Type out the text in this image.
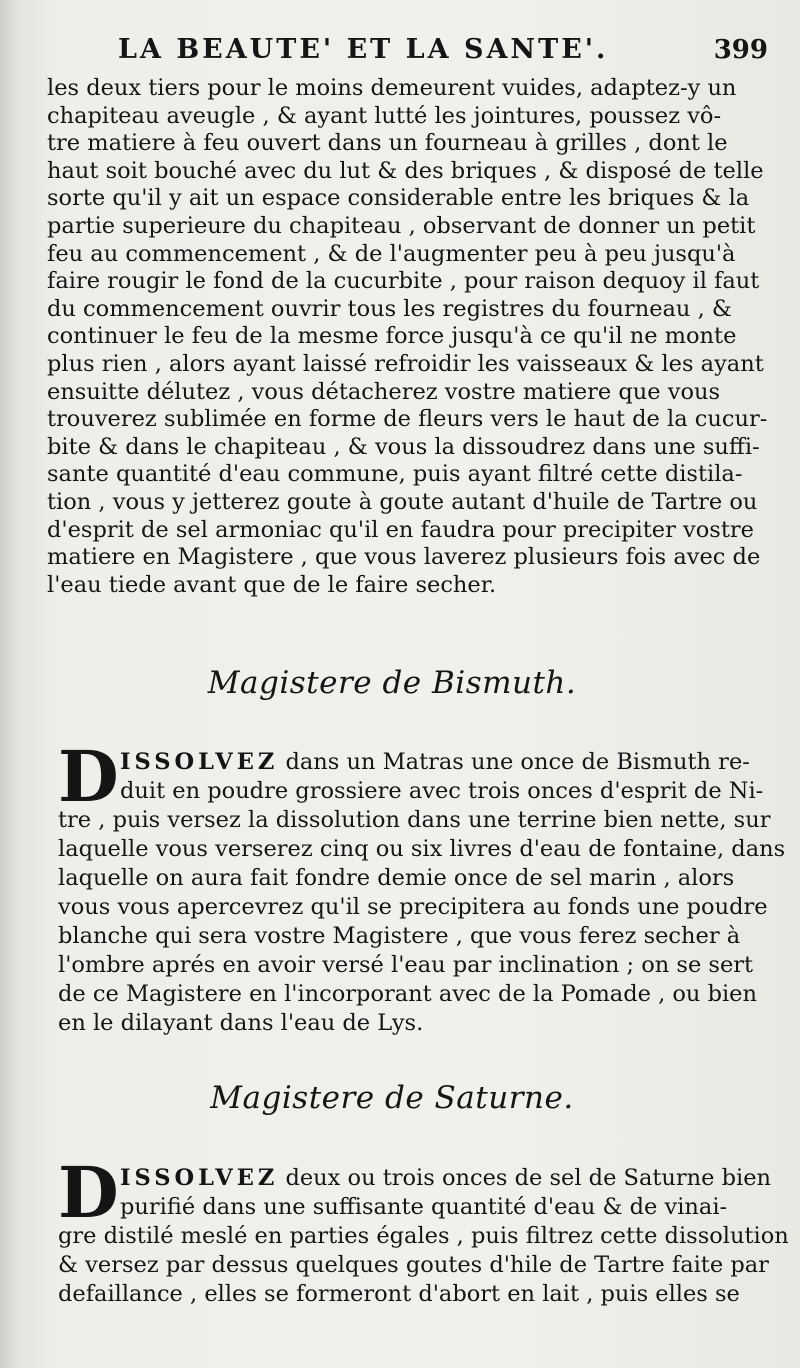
LA BEAUTE' ET LA SANTE'.	399
les deux tiers pour le moins demeurent vuides, adaptez-y un
chapiteau aveugle , & ayant lutté les jointures, poussez vô-
tre matiere à feu ouvert dans un fourneau à grilles , dont le
haut soit bouché avec du lut & des briques , & disposé de telle
sorte qu'il y ait un espace considerable entre les briques & la
partie superieure du chapiteau , observant de donner un petit
feu au commencement , & de l'augmenter peu à peu jusqu'à
faire rougir le fond de la cucurbite , pour raison dequoy il faut
du commencement ouvrir tous les registres du fourneau , &
continuer le feu de la mesme force jusqu'à ce qu'il ne monte
plus rien , alors ayant laissé refroidir les vaisseaux & les ayant
ensuitte délutez , vous détacherez vostre matiere que vous
trouverez sublimée en forme de fleurs vers le haut de la cucur-
bite & dans le chapiteau , & vous la dissoudrez dans une suffi-
sante quantité d'eau commune, puis ayant filtré cette distila-
tion , vous y jetterez goute à goute autant d'huile de Tartre ou
d'esprit de sel armoniac qu'il en faudra pour precipiter vostre
matiere en Magistere , que vous laverez plusieurs fois avec de
l'eau tiede avant que de le faire secher.
Magistere de Bismuth.
D ISSOLVEZ dans un Matras une once de Bismuth re-
duit en poudre grossiere avec trois onces d'esprit de Ni-
tre , puis versez la dissolution dans une terrine bien nette, sur
laquelle vous verserez cinq ou six livres d'eau de fontaine, dans
laquelle on aura fait fondre demie once de sel marin , alors
vous vous apercevrez qu'il se precipitera au fonds une poudre
blanche qui sera vostre Magistere , que vous ferez secher à
l'ombre aprés en avoir versé l'eau par inclination ; on se sert
de ce Magistere en l'incorporant avec de la Pomade , ou bien
en le dilayant dans l'eau de Lys.
Magistere de Saturne.
D ISSOLVEZ deux ou trois onces de sel de Saturne bien
purifié dans une suffisante quantité d'eau & de vinai-
gre distilé meslé en parties égales , puis filtrez cette dissolution
& versez par dessus quelques goutes d'hile de Tartre faite par
defaillance , elles se formeront d'abort en lait , puis elles se
